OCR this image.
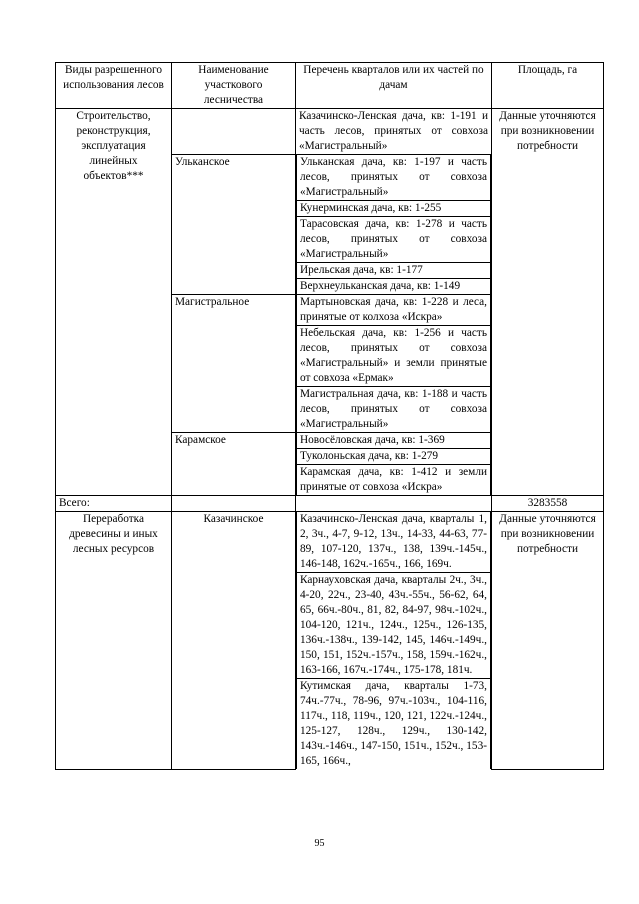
Виды разрешенного использования лесов	Наименование участкового лесничества	Перечень кварталов или их частей по дачам	Площадь, га
Строительство, реконструкция, эксплуатация линейных объектов***		Казачинско-Ленская дача, кв: 1-191 и часть лесов, принятых от совхоза «Магистральный»	Данные уточняются при возникновении потребности
	Ульканское	Ульканская дача, кв: 1-197 и часть лесов, принятых от совхоза «Магистральный»
Кунерминская дача, кв: 1-255
Тарасовская дача, кв: 1-278 и часть лесов, принятых от совхоза «Магистральный»
Ирельская дача, кв: 1-177
Верхнеульканская дача, кв: 1-149	

	Магистральное	Мартыновская дача, кв: 1-228 и леса, принятые от колхоза «Искра»
Небельская дача, кв: 1-256 и часть лесов, принятых от совхоза «Магистральный» и земли принятые от совхоза «Ермак»
Магистральная дача, кв: 1-188 и часть лесов, принятых от совхоза «Магистральный»	

	Карамское	Новосёловская дача, кв: 1-369
Туколоньская дача, кв: 1-279
Карамская дача, кв: 1-412 и земли принятые от совхоза «Искра»	

Всего:			3283558
Переработка древесины и иных лесных ресурсов	Казачинское	Казачинско-Ленская дача, кварталы 1, 2, 3ч., 4-7, 9-12, 13ч., 14-33, 44-63, 77-89, 107-120, 137ч., 138, 139ч.-145ч., 146-148, 162ч.-165ч., 166, 169ч.
Карнауховская дача, кварталы 2ч., 3ч., 4-20, 22ч., 23-40, 43ч.-55ч., 56-62, 64, 65, 66ч.-80ч., 81, 82, 84-97, 98ч.-102ч., 104-120, 121ч., 124ч., 125ч., 126-135, 136ч.-138ч., 139-142, 145, 146ч.-149ч., 150, 151, 152ч.-157ч., 158, 159ч.-162ч., 163-166, 167ч.-174ч., 175-178, 181ч.
Кутимская дача, кварталы 1-73, 74ч.-77ч., 78-96, 97ч.-103ч., 104-116, 117ч., 118, 119ч., 120, 121, 122ч.-124ч., 125-127, 128ч., 129ч., 130-142, 143ч.-146ч., 147-150, 151ч., 152ч., 153-165, 166ч.,	Данные уточняются при возникновении потребности
95
